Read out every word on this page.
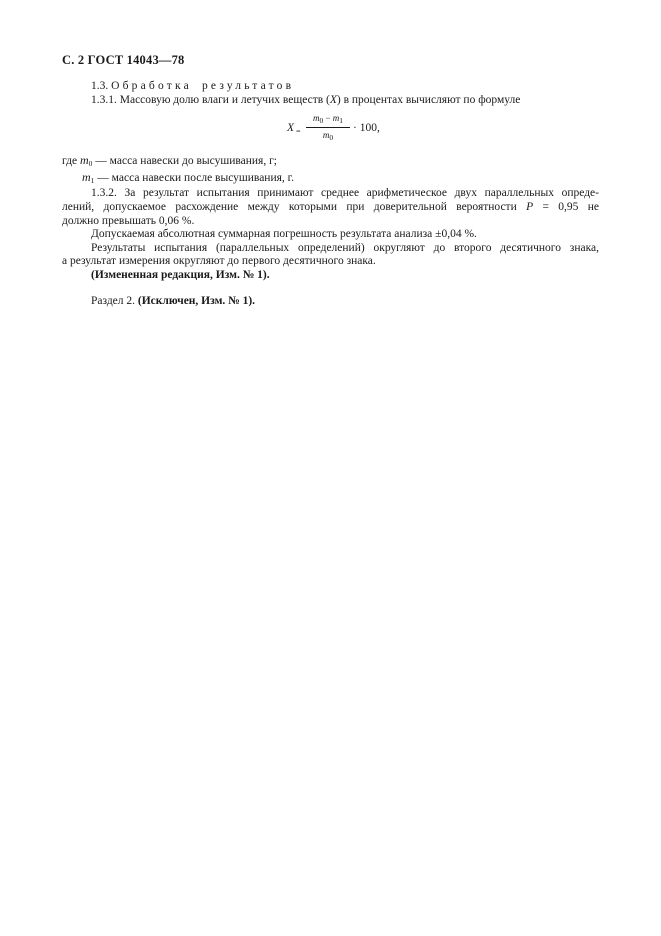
С. 2 ГОСТ 14043—78

1.3. Обработка результатов

1.3.1. Массовую долю влаги и летучих веществ (X) в процентах вычисляют по формуле

X =
$m_0 - m_1$
$m_0$
· 100,

где $m_0$ — масса навески до высушивания, г;

$m_1$ — масса навески после высушивания, г.

1.3.2. За результат испытания принимают среднее арифметическое двух параллельных опреде-

лений, допускаемое расхождение между которыми при доверительной вероятности P = 0,95 не

должно превышать 0,06 %.

Допускаемая абсолютная суммарная погрешность результата анализа ±0,04 %.

Результаты испытания (параллельных определений) округляют до второго десятичного знака,

а результат измерения округляют до первого десятичного знака.

(Измененная редакция, Изм. № 1).

Раздел 2. (Исключен, Изм. № 1).
